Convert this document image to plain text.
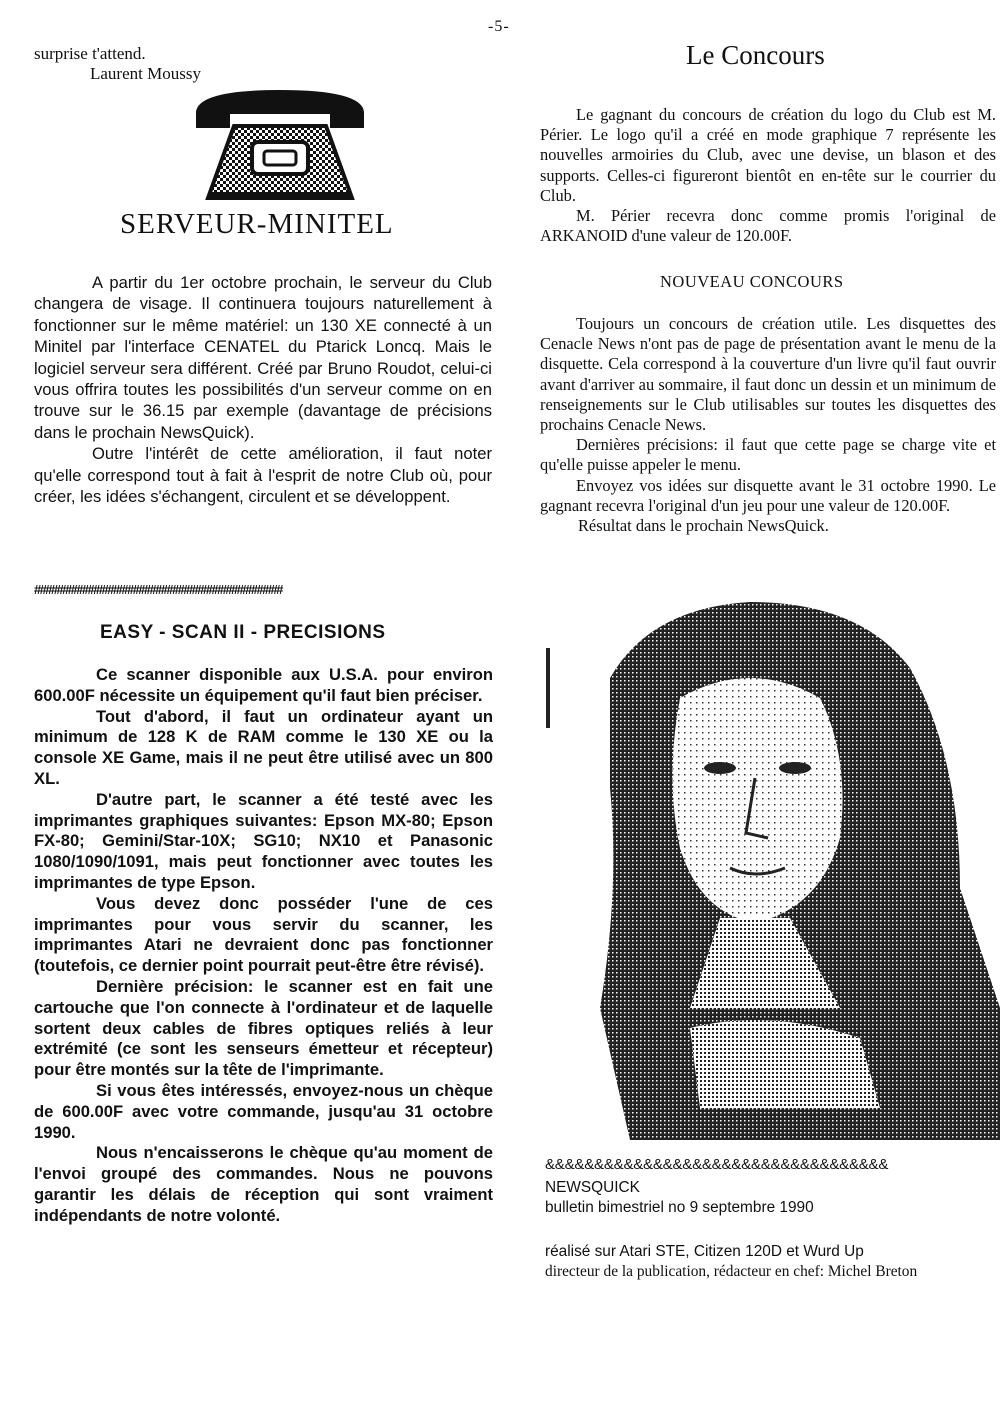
-5-
surprise t'attend.
Laurent Moussy
SERVEUR-MINITEL

A partir du 1er octobre prochain, le serveur du Club changera de visage. Il continuera toujours naturellement à fonctionner sur le même matériel: un 130 XE connecté à un Minitel par l'interface CENATEL du Ptarick Loncq. Mais le logiciel serveur sera différent. Créé par Bruno Roudot, celui-ci vous offrira toutes les possibilités d'un serveur comme on en trouve sur le 36.15 par exemple (davantage de précisions dans le prochain NewsQuick).

Outre l'intérêt de cette amélioration, il faut noter qu'elle correspond tout à fait à l'esprit de notre Club où, pour créer, les idées s'échangent, circulent et se développent.

############################################
EASY - SCAN II - PRECISIONS

Ce scanner disponible aux U.S.A. pour environ 600.00F nécessite un équipement qu'il faut bien préciser.

Tout d'abord, il faut un ordinateur ayant un minimum de 128 K de RAM comme le 130 XE ou la console XE Game, mais il ne peut être utilisé avec un 800 XL.

D'autre part, le scanner a été testé avec les imprimantes graphiques suivantes: Epson MX-80; Epson FX-80; Gemini/Star-10X; SG10; NX10 et Panasonic 1080/1090/1091, mais peut fonctionner avec toutes les imprimantes de type Epson.

Vous devez donc posséder l'une de ces imprimantes pour vous servir du scanner, les imprimantes Atari ne devraient donc pas fonctionner (toutefois, ce dernier point pourrait peut-être être révisé).

Dernière précision: le scanner est en fait une cartouche que l'on connecte à l'ordinateur et de laquelle sortent deux cables de fibres optiques reliés à leur extrémité (ce sont les senseurs émetteur et récepteur) pour être montés sur la tête de l'imprimante.

Si vous êtes intéressés, envoyez-nous un chèque de 600.00F avec votre commande, jusqu'au 31 octobre 1990.

Nous n'encaisserons le chèque qu'au moment de l'envoi groupé des commandes. Nous ne pouvons garantir les délais de réception qui sont vraiment indépendants de notre volonté.

Le Concours

Le gagnant du concours de création du logo du Club est M. Périer. Le logo qu'il a créé en mode graphique 7 représente les nouvelles armoiries du Club, avec une devise, un blason et des supports. Celles-ci figureront bientôt en en-tête sur le courrier du Club.

M. Périer recevra donc comme promis l'original de ARKANOID d'une valeur de 120.00F.

NOUVEAU CONCOURS

Toujours un concours de création utile. Les disquettes des Cenacle News n'ont pas de page de présentation avant le menu de la disquette. Cela correspond à la couverture d'un livre qu'il faut ouvrir avant d'arriver au sommaire, il faut donc un dessin et un minimum de renseignements sur le Club utilisables sur toutes les disquettes des prochains Cenacle News.

Dernières précisions: il faut que cette page se charge vite et qu'elle puisse appeler le menu.

Envoyez vos idées sur disquette avant le 31 octobre 1990. Le gagnant recevra l'original d'un jeu pour une valeur de 120.00F.

Résultat dans le prochain NewsQuick.

&&&&&&&&&&&&&&&&&&&&&&&&&&&&&&&&&&&
NEWSQUICK
bulletin bimestriel no 9 septembre 1990
réalisé sur Atari STE, Citizen 120D et Wurd Up
directeur de la publication, rédacteur en chef: Michel Breton
